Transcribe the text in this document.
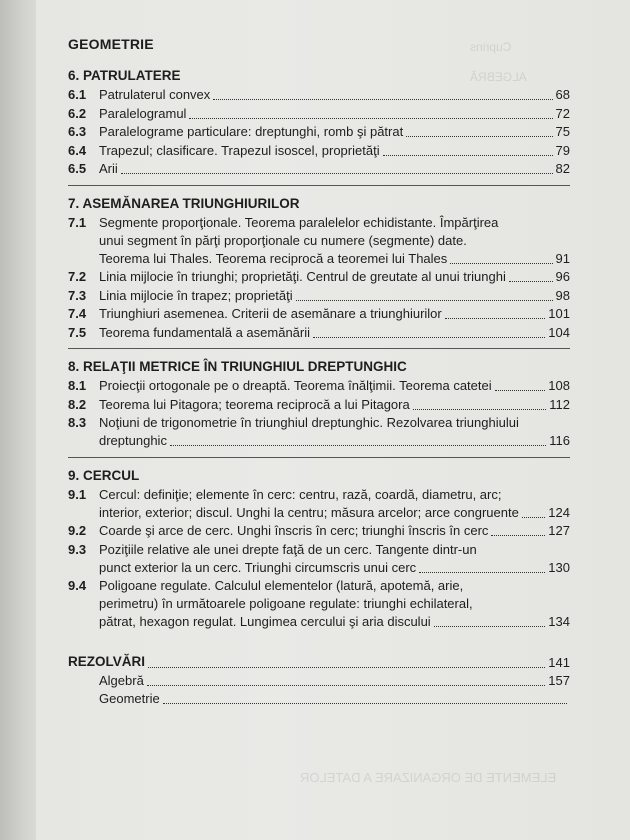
Cuprins
ALGEBRĂ
ELEMENTE DE ORGANIZARE A DATELOR
GEOMETRIE
6. PATRULATERE
6.1 Patrulaterul convex	68
6.2 Paralelogramul	72
6.3 Paralelograme particulare: dreptunghi, romb şi pătrat	75
6.4 Trapezul; clasificare. Trapezul isoscel, proprietăţi	79
6.5 Arii	82
7. ASEMĂNAREA TRIUNGHIURILOR
7.1 Segmente proporţionale. Teorema paralelelor echidistante. Împărţirea
unui segment în părţi proporţionale cu numere (segmente) date.
Teorema lui Thales. Teorema reciprocă a teoremei lui Thales	91
7.2 Linia mijlocie în triunghi; proprietăţi. Centrul de greutate al unui triunghi	96
7.3 Linia mijlocie în trapez; proprietăţi	98
7.4 Triunghiuri asemenea. Criterii de asemănare a triunghiurilor	101
7.5 Teorema fundamentală a asemănării	104
8. RELAŢII METRICE ÎN TRIUNGHIUL DREPTUNGHIC
8.1 Proiecţii ortogonale pe o dreaptă. Teorema înălţimii. Teorema catetei	108
8.2 Teorema lui Pitagora; teorema reciprocă a lui Pitagora	112
8.3 Noţiuni de trigonometrie în triunghiul dreptunghic. Rezolvarea triunghiului
dreptunghic	116
9. CERCUL
9.1 Cercul: definiţie; elemente în cerc: centru, rază, coardă, diametru, arc;
interior, exterior; discul. Unghi la centru; măsura arcelor; arce congruente 124
9.2 Coarde şi arce de cerc. Unghi înscris în cerc; triunghi înscris în cerc	127
9.3 Poziţiile relative ale unei drepte faţă de un cerc. Tangente dintr-un
punct exterior la un cerc. Triunghi circumscris unui cerc	130
9.4 Poligoane regulate. Calculul elementelor (latură, apotemă, arie,
perimetru) în următoarele poligoane regulate: triunghi echilateral,
pătrat, hexagon regulat. Lungimea cercului şi aria discului	134
REZOLVĂRI	141
Algebră	157
Geometrie
